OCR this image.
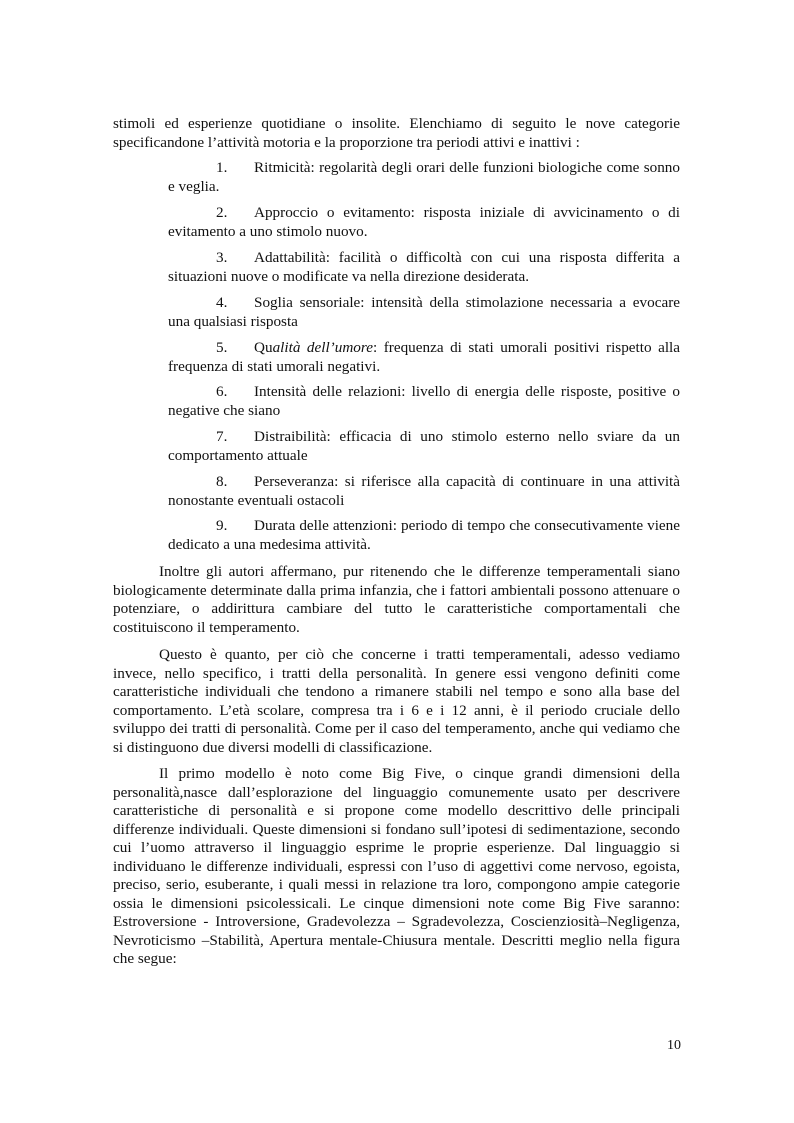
stimoli ed esperienze quotidiane o insolite. Elenchiamo di seguito le nove categorie specificandone l’attività motoria e la proporzione tra periodi attivi e inattivi :

1. Ritmicità: regolarità degli orari delle funzioni biologiche come sonno e veglia.

2. Approccio o evitamento: risposta iniziale di avvicinamento o di evitamento a uno stimolo nuovo.

3. Adattabilità: facilità o difficoltà con cui una risposta differita a situazioni nuove o modificate va nella direzione desiderata.

4. Soglia sensoriale: intensità della stimolazione necessaria a evocare una qualsiasi risposta

5. Qualità dell’umore: frequenza di stati umorali positivi rispetto alla frequenza di stati umorali negativi.

6. Intensità delle relazioni: livello di energia delle risposte, positive o negative che siano

7. Distraibilità: efficacia di uno stimolo esterno nello sviare da un comportamento attuale

8. Perseveranza: si riferisce alla capacità di continuare in una attività nonostante eventuali ostacoli

9. Durata delle attenzioni: periodo di tempo che consecutivamente viene dedicato a una medesima attività.

Inoltre gli autori affermano, pur ritenendo che le differenze temperamentali siano biologicamente determinate dalla prima infanzia, che i fattori ambientali possono attenuare o potenziare, o addirittura cambiare del tutto le caratteristiche comportamentali che costituiscono il temperamento.

Questo è quanto, per ciò che concerne i tratti temperamentali, adesso vediamo invece, nello specifico, i tratti della personalità. In genere essi vengono definiti come caratteristiche individuali che tendono a rimanere stabili nel tempo e sono alla base del comportamento. L’età scolare, compresa tra i 6 e i 12 anni, è il periodo cruciale dello sviluppo dei tratti di personalità. Come per il caso del temperamento, anche qui vediamo che si distinguono due diversi modelli di classificazione.

Il primo modello è noto come Big Five, o cinque grandi dimensioni della personalità,nasce dall’esplorazione del linguaggio comunemente usato per descrivere caratteristiche di personalità e si propone come modello descrittivo delle principali differenze individuali. Queste dimensioni si fondano sull’ipotesi di sedimentazione, secondo cui l’uomo attraverso il linguaggio esprime le proprie esperienze. Dal linguaggio si individuano le differenze individuali, espressi con l’uso di aggettivi come nervoso, egoista, preciso, serio, esuberante, i quali messi in relazione tra loro, compongono ampie categorie ossia le dimensioni psicolessicali. Le cinque dimensioni note come Big Five saranno: Estroversione - Introversione, Gradevolezza – Sgradevolezza, Coscienziosità–Negligenza, Nevroticismo –Stabilità, Apertura mentale-Chiusura mentale. Descritti meglio nella figura che segue:

10
